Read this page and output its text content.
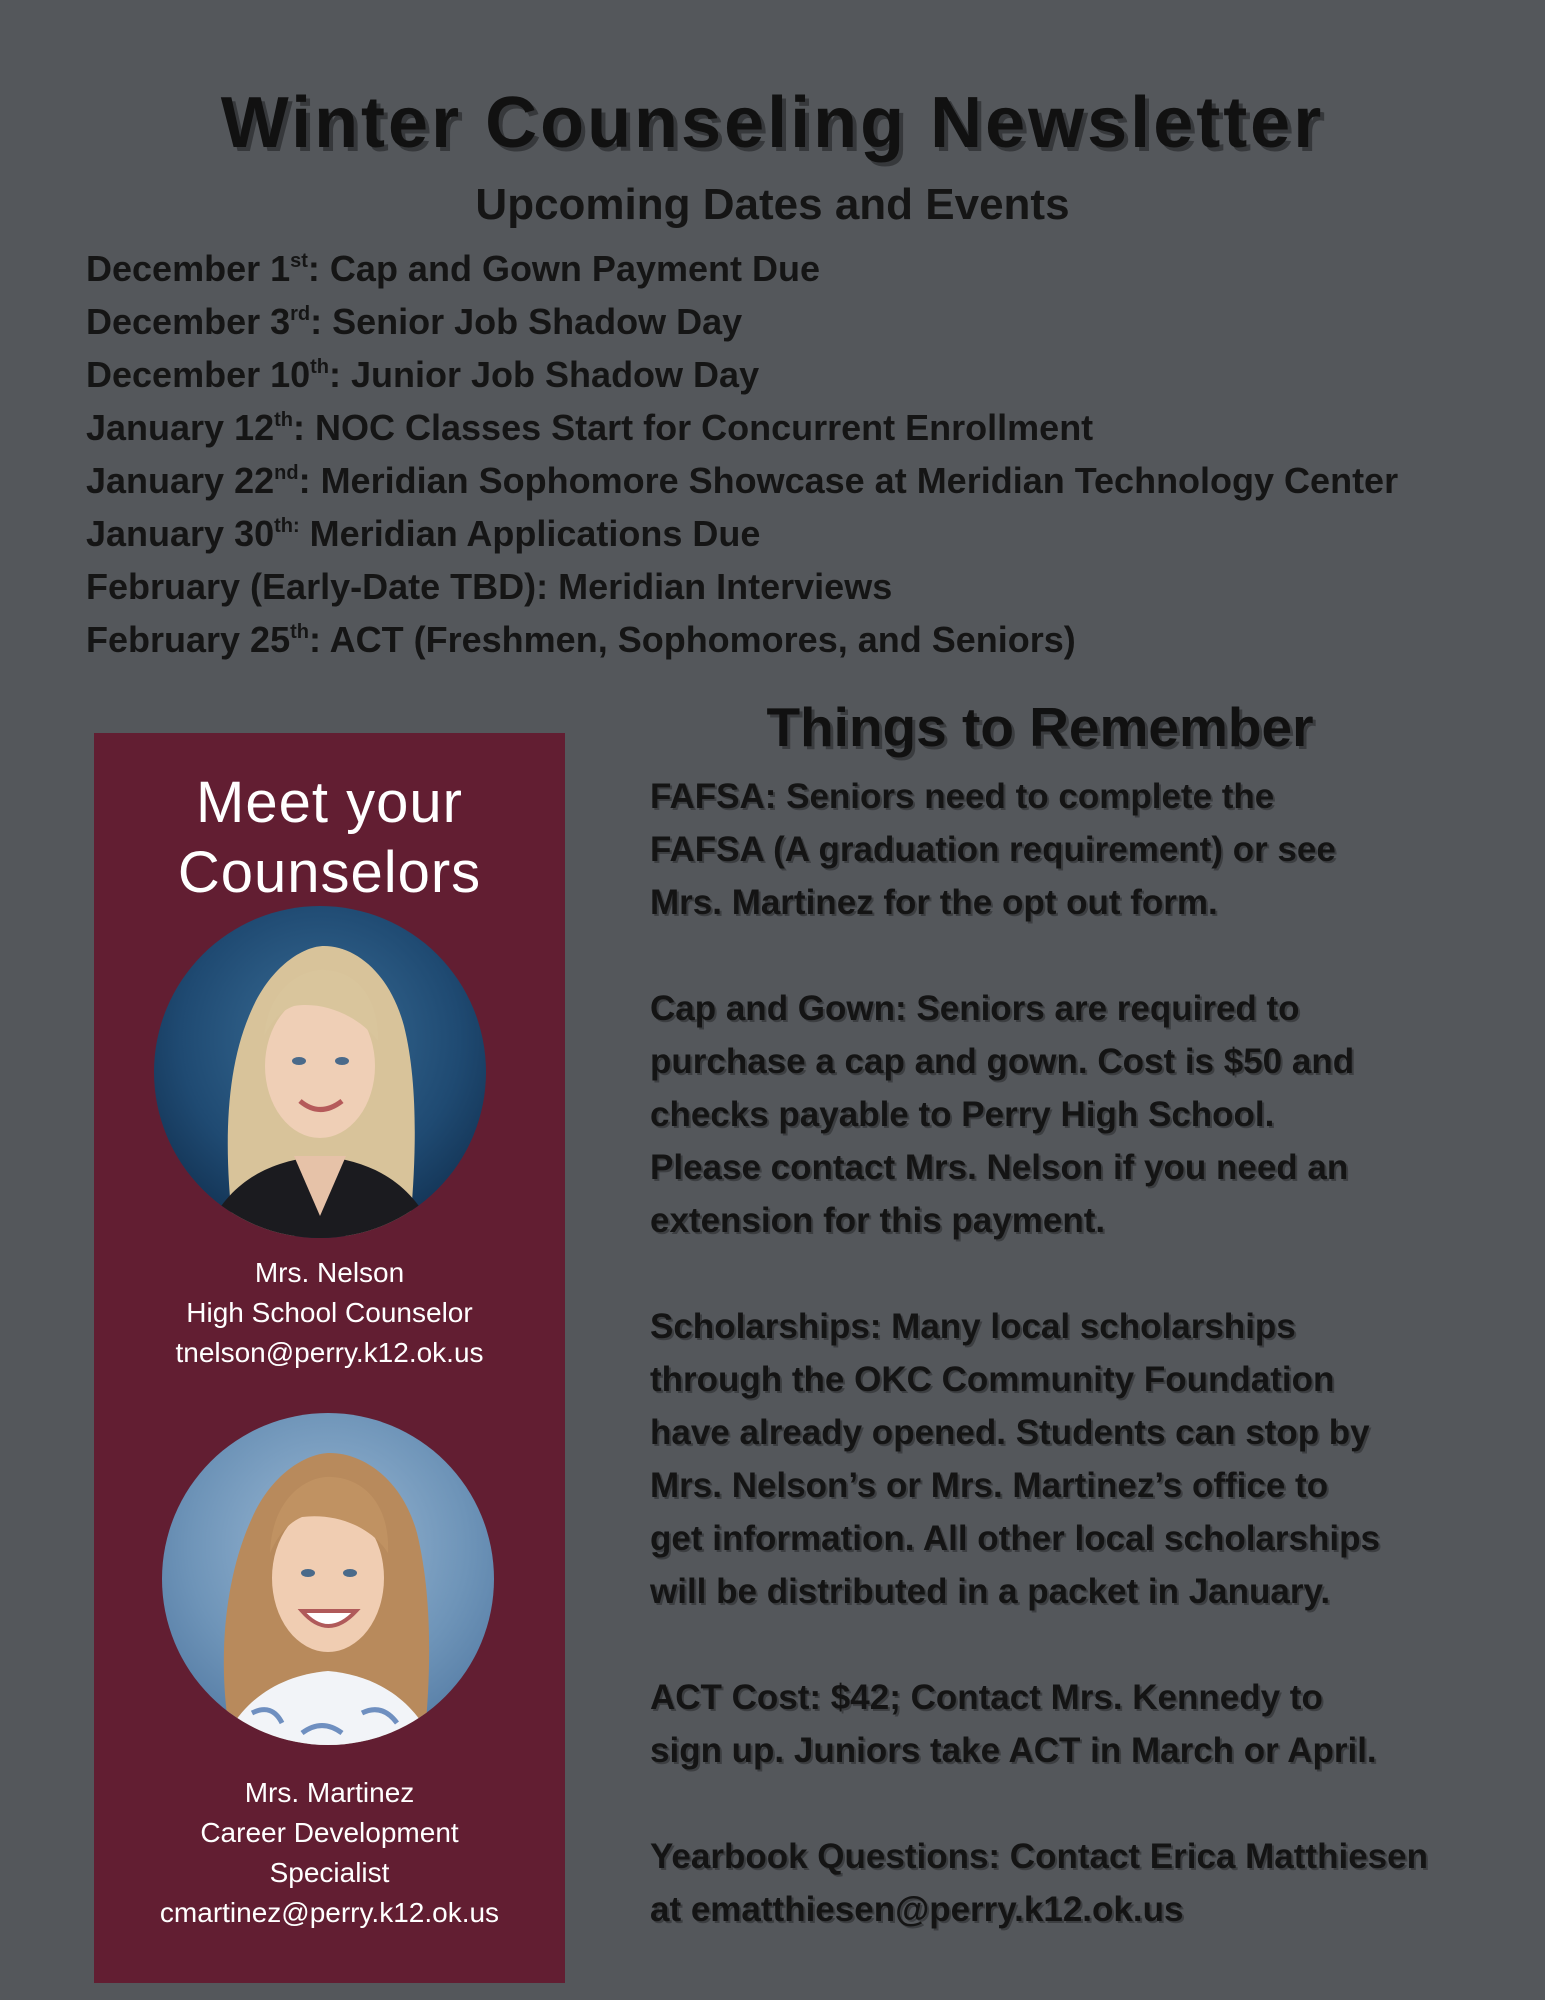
Winter Counseling Newsletter
Upcoming Dates and Events
December 1st: Cap and Gown Payment Due
December 3rd: Senior Job Shadow Day
December 10th: Junior Job Shadow Day
January 12th: NOC Classes Start for Concurrent Enrollment
January 22nd: Meridian Sophomore Showcase at Meridian Technology Center
January $30^{th:}$ Meridian Applications Due
February (Early-Date TBD): Meridian Interviews
February 25th: ACT (Freshmen, Sophomores, and Seniors)
Meet your
Counselors
Mrs. Nelson
High School Counselor
tnelson@perry.k12.ok.us
Mrs. Martinez
Career Development
Specialist
cmartinez@perry.k12.ok.us
Things to Remember

FAFSA: Seniors need to complete the
FAFSA (A graduation requirement) or see
Mrs. Martinez for the opt out form.

Cap and Gown: Seniors are required to
purchase a cap and gown. Cost is $50 and
checks payable to Perry High School.
Please contact Mrs. Nelson if you need an
extension for this payment.

Scholarships: Many local scholarships
through the OKC Community Foundation
have already opened. Students can stop by
Mrs. Nelson’s or Mrs. Martinez’s office to
get information. All other local scholarships
will be distributed in a packet in January.

ACT Cost: $42; Contact Mrs. Kennedy to
sign up. Juniors take ACT in March or April.

Yearbook Questions: Contact Erica Matthiesen
at ematthiesen@perry.k12.ok.us
